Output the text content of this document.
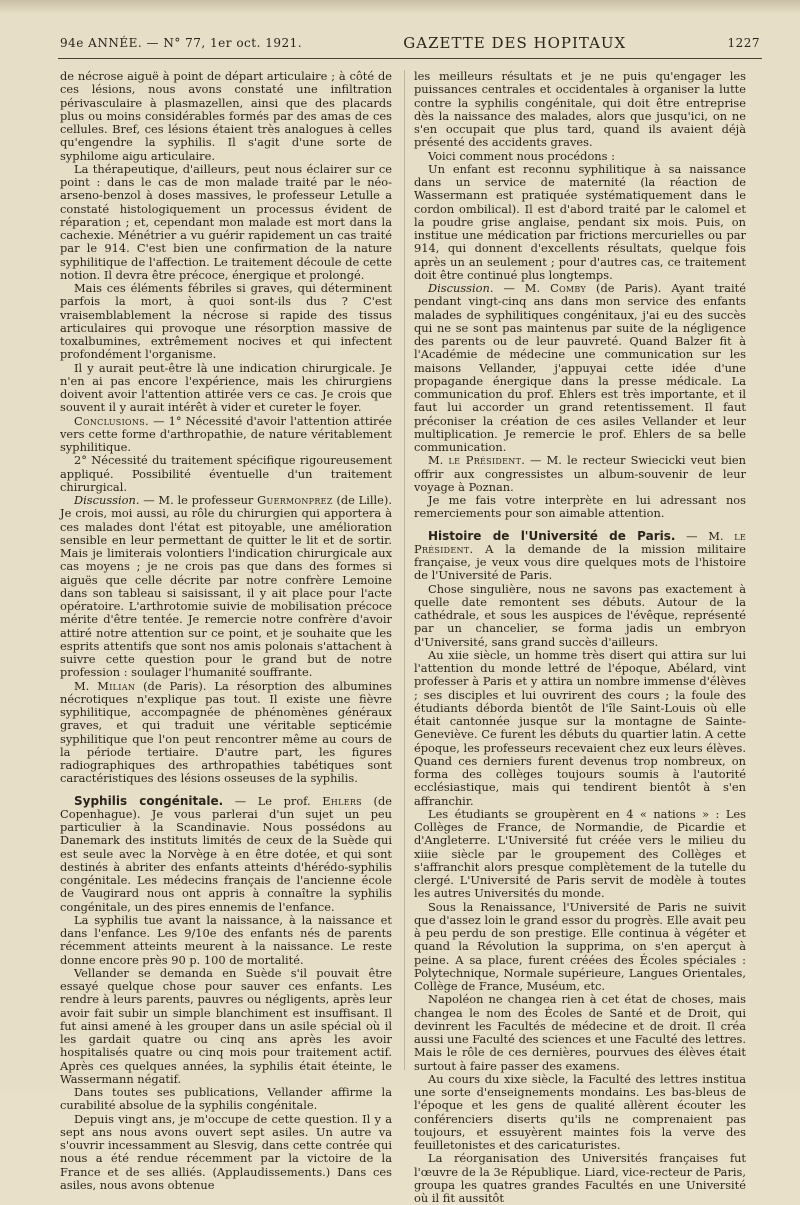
94e ANNÉE. — N° 77, 1er oct. 1921.	GAZETTE DES HOPITAUX	1227

de nécrose aiguë à point de départ articulaire ; à côté de ces lésions, nous avons constaté une infiltration périvasculaire à plasmazellen, ainsi que des placards plus ou moins considérables formés par des amas de ces cellules. Bref, ces lésions étaient très analogues à celles qu'engendre la syphilis. Il s'agit d'une sorte de syphilome aigu articulaire.

La thérapeutique, d'ailleurs, peut nous éclairer sur ce point : dans le cas de mon malade traité par le néo-arseno-benzol à doses massives, le professeur Letulle a constaté histologiquement un processus évident de réparation ; et, cependant mon malade est mort dans la cachexie. Ménétrier a vu guérir rapidement un cas traité par le 914. C'est bien une confirmation de la nature syphilitique de l'affection. Le traitement découle de cette notion. Il devra être précoce, énergique et prolongé.

Mais ces éléments fébriles si graves, qui déterminent parfois la mort, à quoi sont-ils dus ? C'est vraisemblablement la nécrose si rapide des tissus articulaires qui provoque une résorption massive de toxalbumines, extrêmement nocives et qui infectent profondément l'organisme.

Il y aurait peut-être là une indication chirurgicale. Je n'en ai pas encore l'expérience, mais les chirurgiens doivent avoir l'attention attirée vers ce cas. Je crois que souvent il y aurait intérêt à vider et cureter le foyer.

Conclusions. — 1° Nécessité d'avoir l'attention attirée vers cette forme d'arthropathie, de nature véritablement syphilitique.

2° Nécessité du traitement spécifique rigoureusement appliqué. Possibilité éventuelle d'un traitement chirurgical.

Discussion. — M. le professeur Guermonprez (de Lille). Je crois, moi aussi, au rôle du chirurgien qui apportera à ces malades dont l'état est pitoyable, une amélioration sensible en leur permettant de quitter le lit et de sortir. Mais je limiterais volontiers l'indication chirurgicale aux cas moyens ; je ne crois pas que dans des formes si aiguës que celle décrite par notre confrère Lemoine dans son tableau si saisissant, il y ait place pour l'acte opératoire. L'arthrotomie suivie de mobilisation précoce mérite d'être tentée. Je remercie notre confrère d'avoir attiré notre attention sur ce point, et je souhaite que les esprits attentifs que sont nos amis polonais s'attachent à suivre cette question pour le grand but de notre profession : soulager l'humanité souffrante.

M. Milian (de Paris). La résorption des albumines nécrotiques n'explique pas tout. Il existe une fièvre syphilitique, accompagnée de phénomènes généraux graves, et qui traduit une véritable septicémie syphilitique que l'on peut rencontrer même au cours de la période tertiaire. D'autre part, les figures radiographiques des arthropathies tabétiques sont caractéristiques des lésions osseuses de la syphilis.

Syphilis congénitale. — Le prof. Ehlers (de Copenhague). Je vous parlerai d'un sujet un peu particulier à la Scandinavie. Nous possédons au Danemark des instituts limités de ceux de la Suède qui est seule avec la Norvège à en être dotée, et qui sont destinés à abriter des enfants atteints d'hérédo-syphilis congénitale. Les médecins français de l'ancienne école de Vaugirard nous ont appris à connaître la syphilis congénitale, un des pires ennemis de l'enfance.

La syphilis tue avant la naissance, à la naissance et dans l'enfance. Les 9/10e des enfants nés de parents récemment atteints meurent à la naissance. Le reste donne encore près 90 p. 100 de mortalité.

Vellander se demanda en Suède s'il pouvait être essayé quelque chose pour sauver ces enfants. Les rendre à leurs parents, pauvres ou négligents, après leur avoir fait subir un simple blanchiment est insuffisant. Il fut ainsi amené à les grouper dans un asile spécial où il les gardait quatre ou cinq ans après les avoir hospitalisés quatre ou cinq mois pour traitement actif. Après ces quelques années, la syphilis était éteinte, le Wassermann négatif.

Dans toutes ses publications, Vellander affirme la curabilité absolue de la syphilis congénitale.

Depuis vingt ans, je m'occupe de cette question. Il y a sept ans nous avons ouvert sept asiles. Un autre va s'ouvrir incessamment au Slesvig, dans cette contrée qui nous a été rendue récemment par la victoire de la France et de ses alliés. (Applaudissements.) Dans ces asiles, nous avons obtenue

les meilleurs résultats et je ne puis qu'engager les puissances centrales et occidentales à organiser la lutte contre la syphilis congénitale, qui doit être entreprise dès la naissance des malades, alors que jusqu'ici, on ne s'en occupait que plus tard, quand ils avaient déjà présenté des accidents graves.

Voici comment nous procédons :

Un enfant est reconnu syphilitique à sa naissance dans un service de maternité (la réaction de Wassermann est pratiquée systématiquement dans le cordon ombilical). Il est d'abord traité par le calomel et la poudre grise anglaise, pendant six mois. Puis, on institue une médication par frictions mercurielles ou par 914, qui donnent d'excellents résultats, quelque fois après un an seulement ; pour d'autres cas, ce traitement doit être continué plus longtemps.

Discussion. — M. Comby (de Paris). Ayant traité pendant vingt-cinq ans dans mon service des enfants malades de syphilitiques congénitaux, j'ai eu des succès qui ne se sont pas maintenus par suite de la négligence des parents ou de leur pauvreté. Quand Balzer fit à l'Académie de médecine une communication sur les maisons Vellander, j'appuyai cette idée d'une propagande énergique dans la presse médicale. La communication du prof. Ehlers est très importante, et il faut lui accorder un grand retentissement. Il faut préconiser la création de ces asiles Vellander et leur multiplication. Je remercie le prof. Ehlers de sa belle communication.

M. le Président. — M. le recteur Swiecicki veut bien offrir aux congressistes un album-souvenir de leur voyage à Poznan.

Je me fais votre interprète en lui adressant nos remerciements pour son aimable attention.

Histoire de l'Université de Paris. — M. le Président. A la demande de la mission militaire française, je veux vous dire quelques mots de l'histoire de l'Université de Paris.

Chose singulière, nous ne savons pas exactement à quelle date remontent ses débuts. Autour de la cathédrale, et sous les auspices de l'évêque, représenté par un chancelier, se forma jadis un embryon d'Université, sans grand succès d'ailleurs.

Au xiie siècle, un homme très disert qui attira sur lui l'attention du monde lettré de l'époque, Abélard, vint professer à Paris et y attira un nombre immense d'élèves ; ses disciples et lui ouvrirent des cours ; la foule des étudiants déborda bientôt de l'île Saint-Louis où elle était cantonnée jusque sur la montagne de Sainte-Geneviève. Ce furent les débuts du quartier latin. A cette époque, les professeurs recevaient chez eux leurs élèves. Quand ces derniers furent devenus trop nombreux, on forma des collèges toujours soumis à l'autorité ecclésiastique, mais qui tendirent bientôt à s'en affranchir.

Les étudiants se groupèrent en 4 « nations » : Les Collèges de France, de Normandie, de Picardie et d'Angleterre. L'Université fut créée vers le milieu du xiiie siècle par le groupement des Collèges et s'affranchit alors presque complètement de la tutelle du clergé. L'Université de Paris servit de modèle à toutes les autres Universités du monde.

Sous la Renaissance, l'Université de Paris ne suivit que d'assez loin le grand essor du progrès. Elle avait peu à peu perdu de son prestige. Elle continua à végéter et quand la Révolution la supprima, on s'en aperçut à peine. A sa place, furent créées des Écoles spéciales : Polytechnique, Normale supérieure, Langues Orientales, Collège de France, Muséum, etc.

Napoléon ne changea rien à cet état de choses, mais changea le nom des Écoles de Santé et de Droit, qui devinrent les Facultés de médecine et de droit. Il créa aussi une Faculté des sciences et une Faculté des lettres. Mais le rôle de ces dernières, pourvues des élèves était surtout à faire passer des examens.

Au cours du xixe siècle, la Faculté des lettres institua une sorte d'enseignements mondains. Les bas-bleus de l'époque et les gens de qualité allèrent écouter les conférenciers diserts qu'ils ne comprenaient pas toujours, et essuyèrent maintes fois la verve des feuilletonistes et des caricaturistes.

La réorganisation des Universités françaises fut l'œuvre de la 3e République. Liard, vice-recteur de Paris, groupa les quatres grandes Facultés en une Université où il fit aussitôt
